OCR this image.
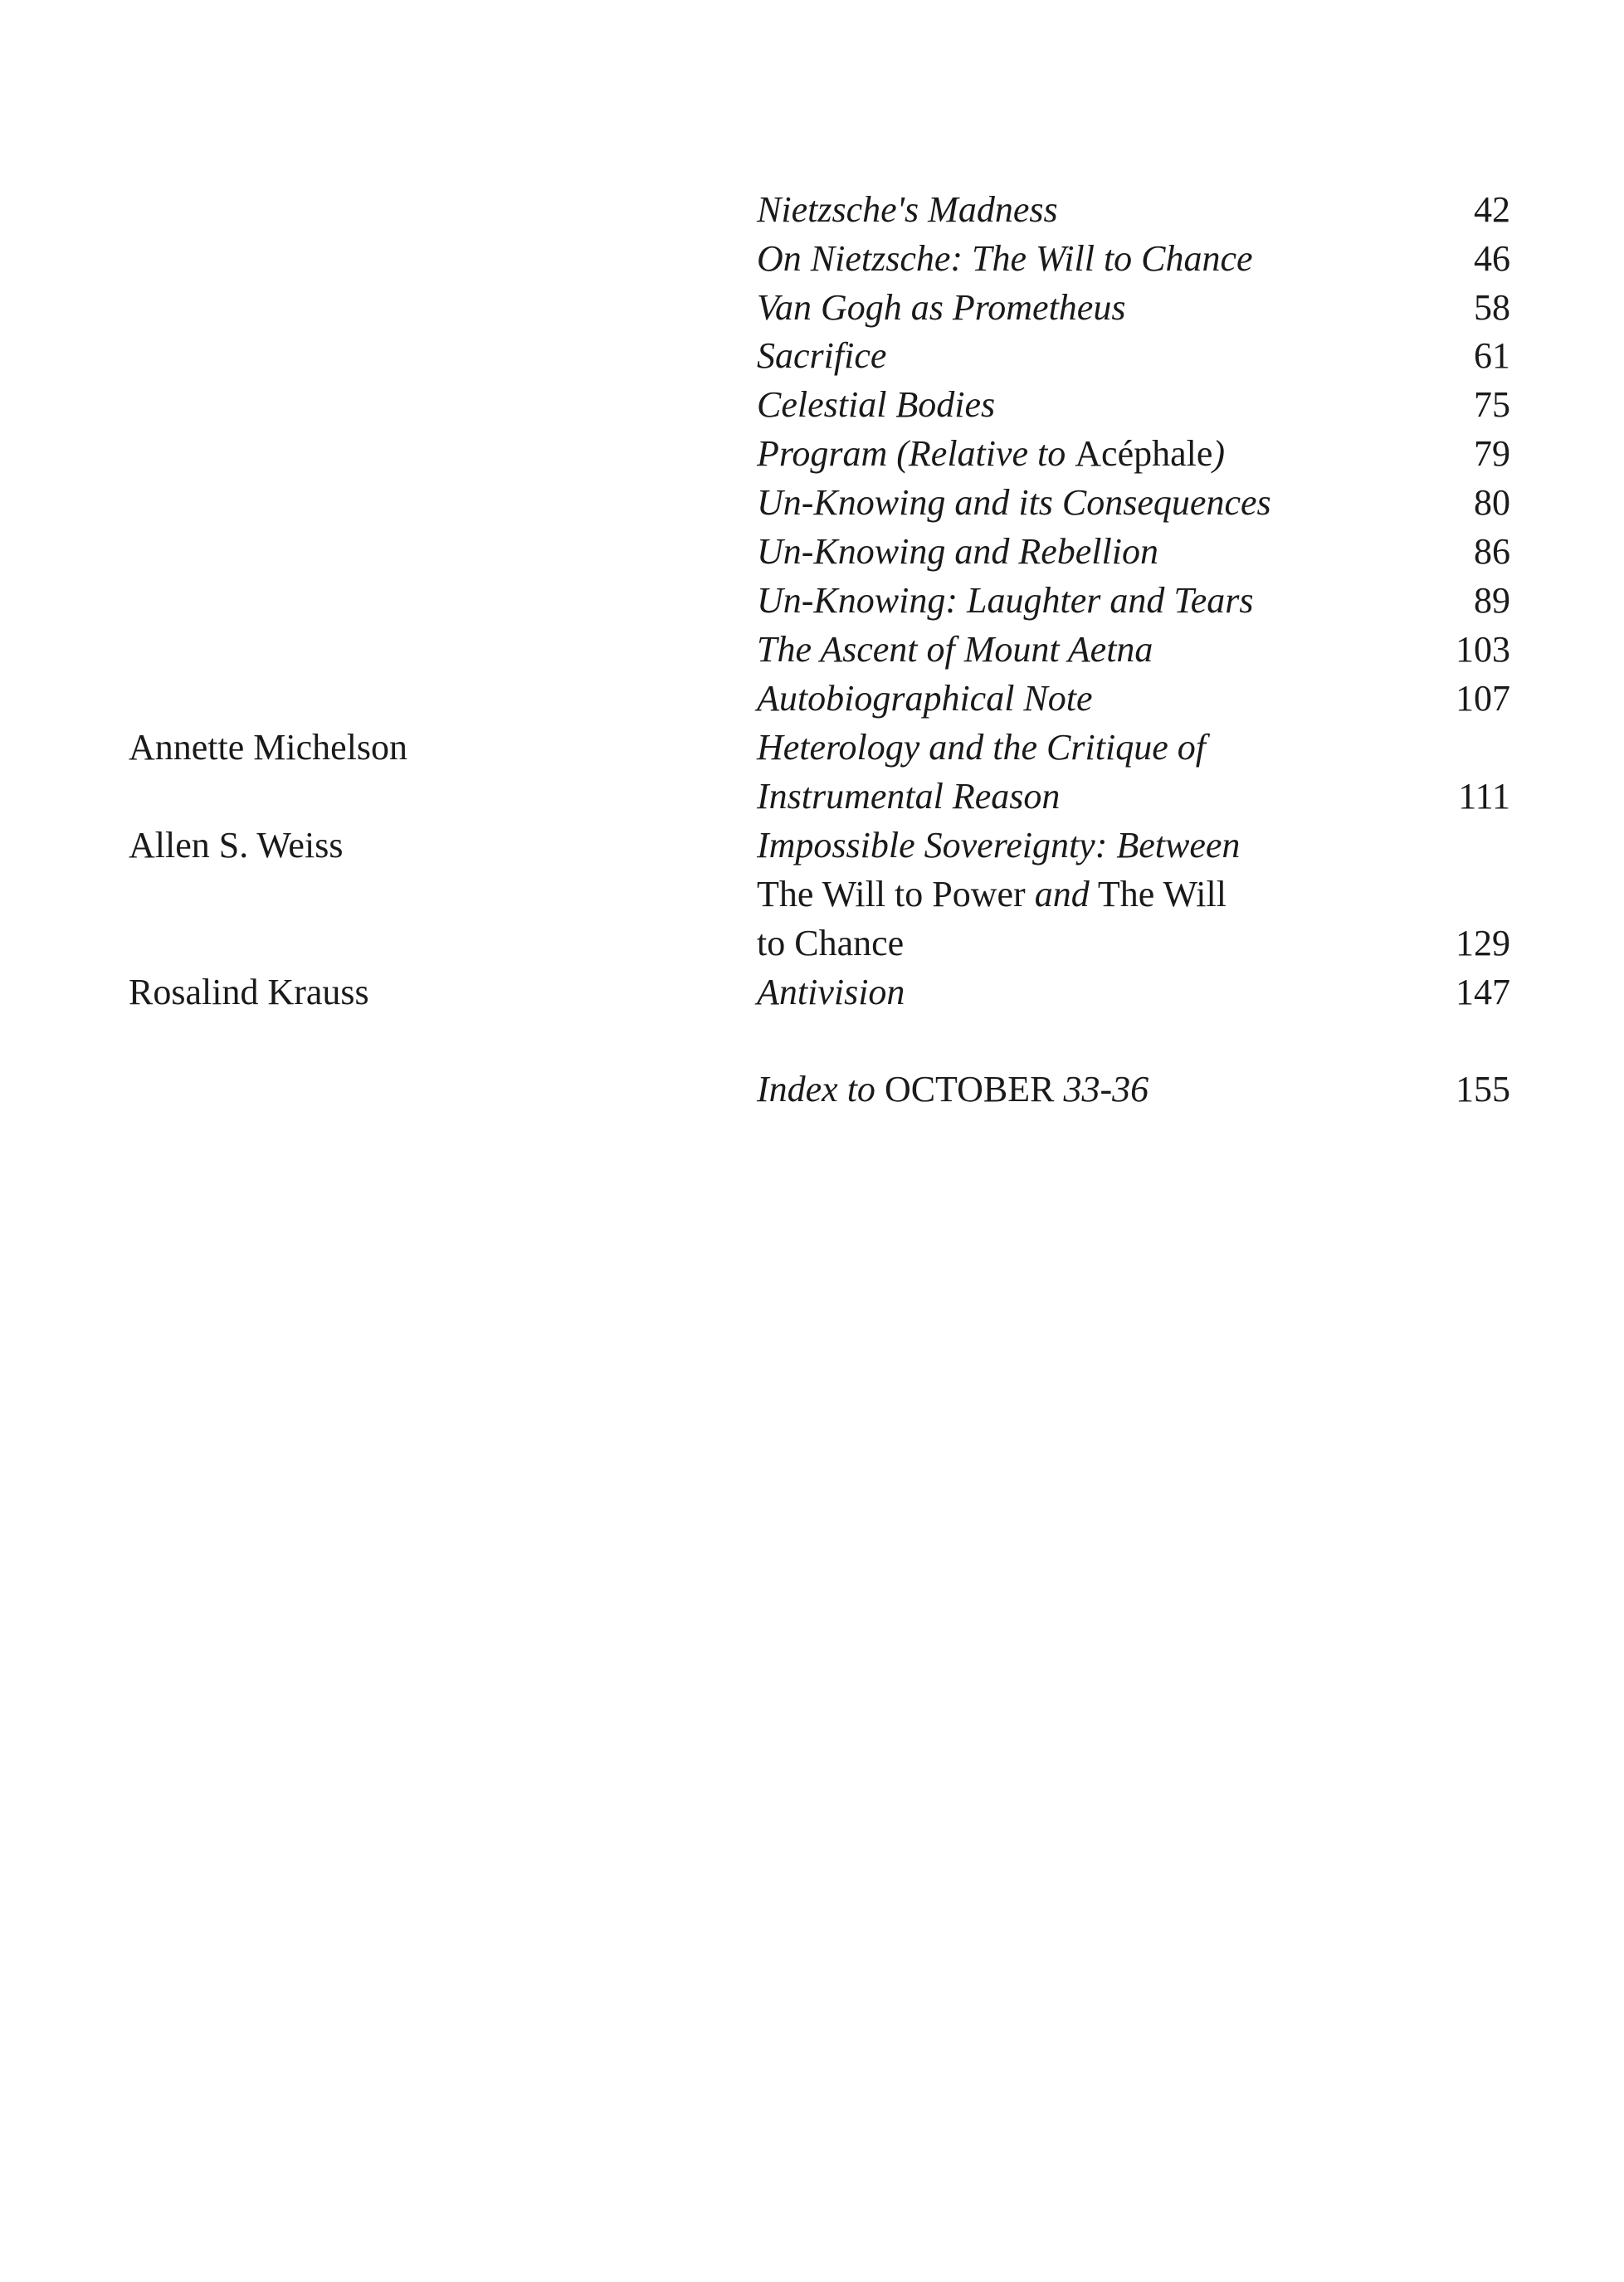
Nietzsche's Madness	42
On Nietzsche: The Will to Chance	46
Van Gogh as Prometheus	58
Sacrifice	61
Celestial Bodies	75
Program (Relative to Acéphale)	79
Un-Knowing and its Consequences	80
Un-Knowing and Rebellion	86
Un-Knowing: Laughter and Tears	89
The Ascent of Mount Aetna	103
Autobiographical Note	107
Annette Michelson	Heterology and the Critique of
Instrumental Reason	111
Allen S. Weiss	Impossible Sovereignty: Between
The Will to Power and The Will
to Chance	129
Rosalind Krauss	Antivision	147
Index to OCTOBER 33-36	155
